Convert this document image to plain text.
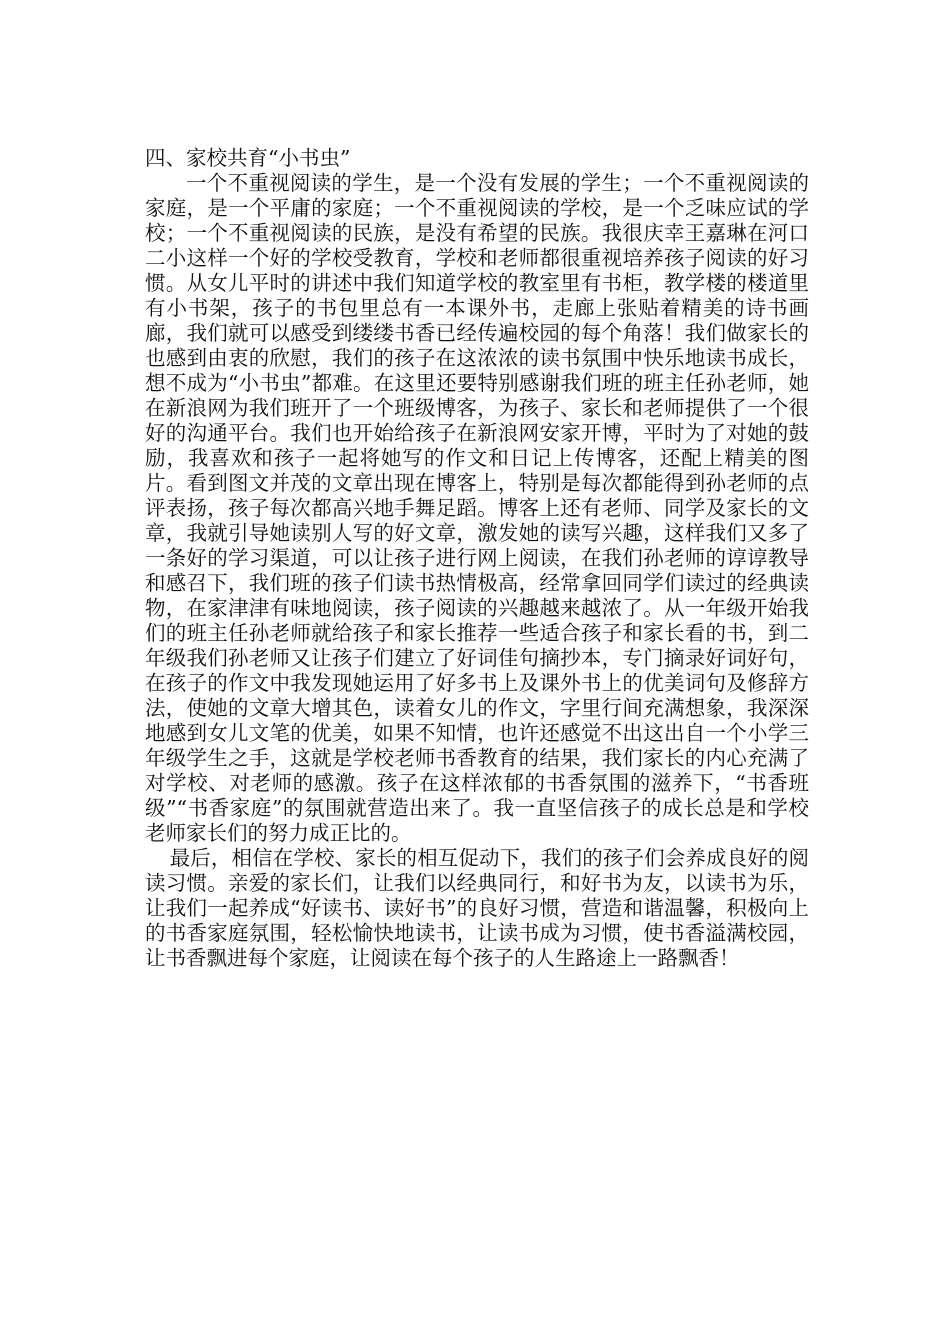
四、家校共育“小书虫”

一个不重视阅读的学生，是一个没有发展的学生；一个不重视阅读的家庭，是一个平庸的家庭；一个不重视阅读的学校，是一个乏味应试的学校；一个不重视阅读的民族，是没有希望的民族。我很庆幸王嘉琳在河口二小这样一个好的学校受教育，学校和老师都很重视培养孩子阅读的好习惯。从女儿平时的讲述中我们知道学校的教室里有书柜，教学楼的楼道里有小书架，孩子的书包里总有一本课外书，走廊上张贴着精美的诗书画廊，我们就可以感受到缕缕书香已经传遍校园的每个角落！我们做家长的也感到由衷的欣慰，我们的孩子在这浓浓的读书氛围中快乐地读书成长，想不成为“小书虫”都难。在这里还要特别感谢我们班的班主任孙老师，她在新浪网为我们班开了一个班级博客，为孩子、家长和老师提供了一个很好的沟通平台。我们也开始给孩子在新浪网安家开博，平时为了对她的鼓励，我喜欢和孩子一起将她写的作文和日记上传博客，还配上精美的图片。看到图文并茂的文章出现在博客上，特别是每次都能得到孙老师的点评表扬，孩子每次都高兴地手舞足蹈。博客上还有老师、同学及家长的文章，我就引导她读别人写的好文章，激发她的读写兴趣，这样我们又多了一条好的学习渠道，可以让孩子进行网上阅读，在我们孙老师的谆谆教导和感召下，我们班的孩子们读书热情极高，经常拿回同学们读过的经典读物，在家津津有味地阅读，孩子阅读的兴趣越来越浓了。从一年级开始我们的班主任孙老师就给孩子和家长推荐一些适合孩子和家长看的书，到二年级我们孙老师又让孩子们建立了好词佳句摘抄本，专门摘录好词好句，在孩子的作文中我发现她运用了好多书上及课外书上的优美词句及修辞方法，使她的文章大增其色，读着女儿的作文，字里行间充满想象，我深深地感到女儿文笔的优美，如果不知情，也许还感觉不出这出自一个小学三年级学生之手，这就是学校老师书香教育的结果，我们家长的内心充满了对学校、对老师的感激。孩子在这样浓郁的书香氛围的滋养下，“书香班级”“书香家庭”的氛围就营造出来了。我一直坚信孩子的成长总是和学校老师家长们的努力成正比的。

最后，相信在学校、家长的相互促动下，我们的孩子们会养成良好的阅读习惯。亲爱的家长们，让我们以经典同行，和好书为友，以读书为乐，让我们一起养成“好读书、读好书”的良好习惯，营造和谐温馨，积极向上的书香家庭氛围，轻松愉快地读书，让读书成为习惯，使书香溢满校园，让书香飘进每个家庭，让阅读在每个孩子的人生路途上一路飘香！
